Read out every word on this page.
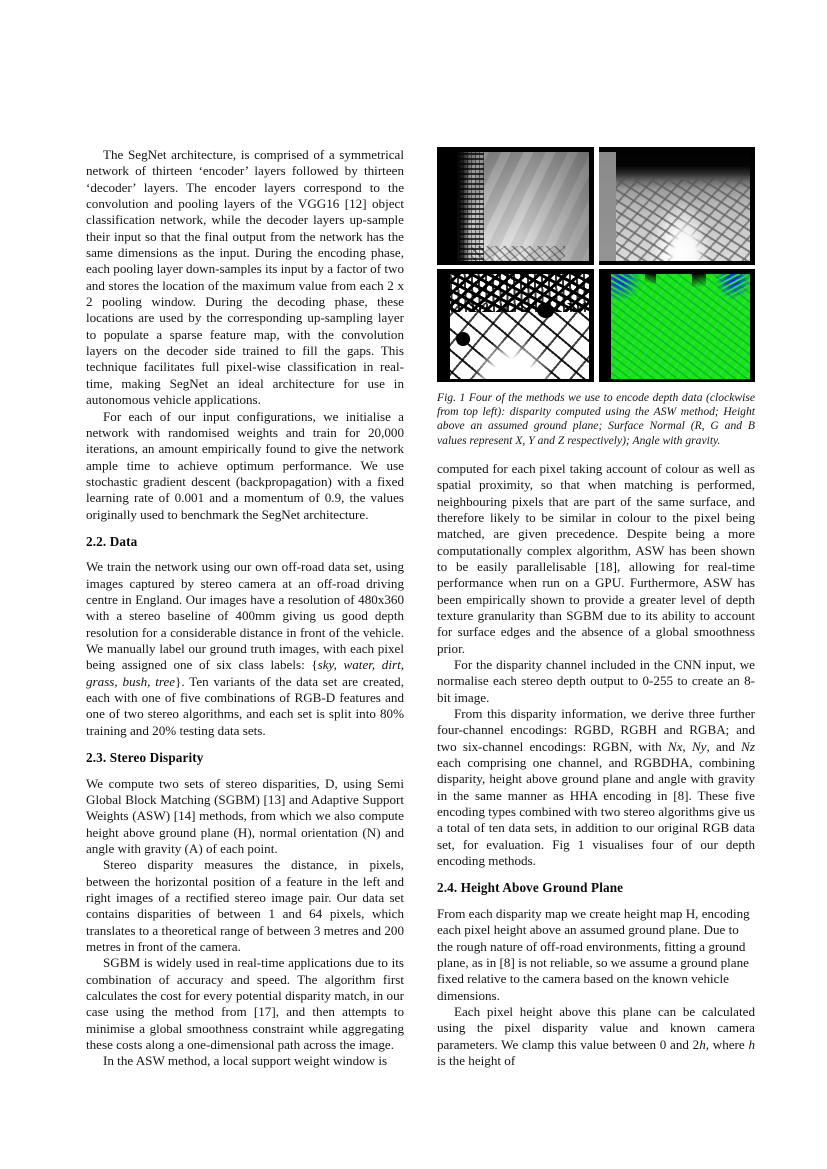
The SegNet architecture, is comprised of a symmetrical network of thirteen ‘encoder’ layers followed by thirteen ‘decoder’ layers. The encoder layers correspond to the convolution and pooling layers of the VGG16 [12] object classification network, while the decoder layers up-sample their input so that the final output from the network has the same dimensions as the input. During the encoding phase, each pooling layer down-samples its input by a factor of two and stores the location of the maximum value from each 2 x 2 pooling window. During the decoding phase, these locations are used by the corresponding up-sampling layer to populate a sparse feature map, with the convolution layers on the decoder side trained to fill the gaps. This technique facilitates full pixel-wise classification in real-time, making SegNet an ideal architecture for use in autonomous vehicle applications.

For each of our input configurations, we initialise a network with randomised weights and train for 20,000 iterations, an amount empirically found to give the network ample time to achieve optimum performance. We use stochastic gradient descent (backpropagation) with a fixed learning rate of 0.001 and a momentum of 0.9, the values originally used to benchmark the SegNet architecture.

2.2. Data

We train the network using our own off-road data set, using images captured by stereo camera at an off-road driving centre in England. Our images have a resolution of 480x360 with a stereo baseline of 400mm giving us good depth resolution for a considerable distance in front of the vehicle. We manually label our ground truth images, with each pixel being assigned one of six class labels: {sky, water, dirt, grass, bush, tree}. Ten variants of the data set are created, each with one of five combinations of RGB-D features and one of two stereo algorithms, and each set is split into 80% training and 20% testing data sets.

2.3. Stereo Disparity

We compute two sets of stereo disparities, D, using Semi Global Block Matching (SGBM) [13] and Adaptive Support Weights (ASW) [14] methods, from which we also compute height above ground plane (H), normal orientation (N) and angle with gravity (A) of each point.

Stereo disparity measures the distance, in pixels, between the horizontal position of a feature in the left and right images of a rectified stereo image pair. Our data set contains disparities of between 1 and 64 pixels, which translates to a theoretical range of between 3 metres and 200 metres in front of the camera.

SGBM is widely used in real-time applications due to its combination of accuracy and speed. The algorithm first calculates the cost for every potential disparity match, in our case using the method from [17], and then attempts to minimise a global smoothness constraint while aggregating these costs along a one-dimensional path across the image.

In the ASW method, a local support weight window is

Fig. 1 Four of the methods we use to encode depth data (clockwise from top left): disparity computed using the ASW method; Height above an assumed ground plane; Surface Normal (R, G and B values represent X, Y and Z respectively); Angle with gravity.

computed for each pixel taking account of colour as well as spatial proximity, so that when matching is performed, neighbouring pixels that are part of the same surface, and therefore likely to be similar in colour to the pixel being matched, are given precedence. Despite being a more computationally complex algorithm, ASW has been shown to be easily parallelisable [18], allowing for real-time performance when run on a GPU. Furthermore, ASW has been empirically shown to provide a greater level of depth texture granularity than SGBM due to its ability to account for surface edges and the absence of a global smoothness prior.

For the disparity channel included in the CNN input, we normalise each stereo depth output to 0-255 to create an 8-bit image.

From this disparity information, we derive three further four-channel encodings: RGBD, RGBH and RGBA; and two six-channel encodings: RGBN, with Nx, Ny, and Nz each comprising one channel, and RGBDHA, combining disparity, height above ground plane and angle with gravity in the same manner as HHA encoding in [8]. These five encoding types combined with two stereo algorithms give us a total of ten data sets, in addition to our original RGB data set, for evaluation. Fig 1 visualises four of our depth encoding methods.

2.4. Height Above Ground Plane

From each disparity map we create height map H, encoding each pixel height above an assumed ground plane. Due to the rough nature of off-road environments, fitting a ground plane, as in [8] is not reliable, so we assume a ground plane fixed relative to the camera based on the known vehicle dimensions.

Each pixel height above this plane can be calculated using the pixel disparity value and known camera parameters. We clamp this value between 0 and 2h, where h is the height of
